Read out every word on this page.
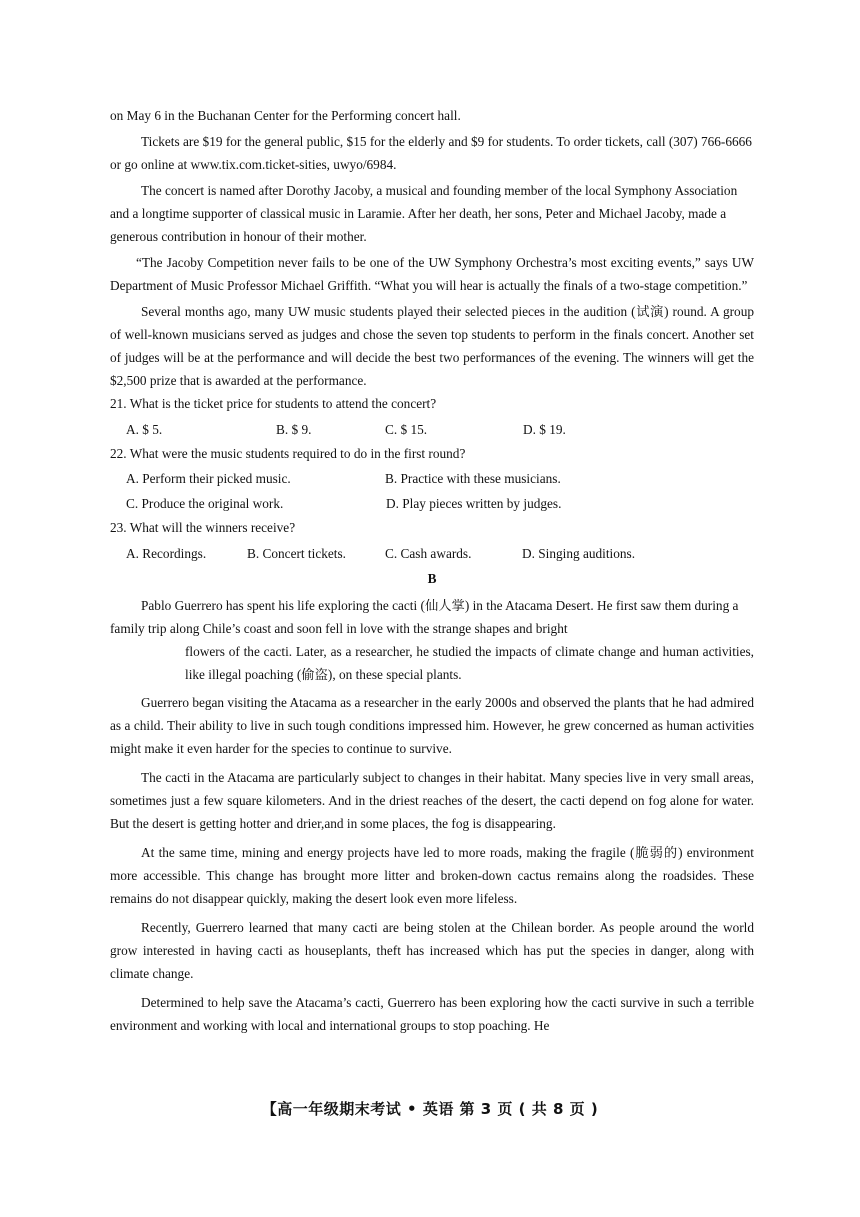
on May 6 in the Buchanan Center for the Performing concert hall.

Tickets are $19 for the general public, $15 for the elderly and $9 for students. To order tickets, call (307) 766-6666 or go online at www.tix.com.ticket-sities, uwyo/6984.

The concert is named after Dorothy Jacoby, a musical and founding member of the local Symphony Association and a longtime supporter of classical music in Laramie. After her death, her sons, Peter and Michael Jacoby, made a generous contribution in honour of their mother.

“The Jacoby Competition never fails to be one of the UW Symphony Orchestra’s most exciting events,” says UW Department of Music Professor Michael Griffith. “What you will hear is actually the finals of a two-stage competition.”

Several months ago, many UW music students played their selected pieces in the audition (试演) round. A group of well-known musicians served as judges and chose the seven top students to perform in the finals concert. Another set of judges will be at the performance and will decide the best two performances of the evening. The winners will get the $2,500 prize that is awarded at the performance.

21. What is the ticket price for students to attend the concert?

A. $ 5.	B. $ 9.	C. $ 15.	D. $ 19.

22. What were the music students required to do in the first round?

A. Perform their picked music.	B. Practice with these musicians.
C. Produce the original work.	D. Play pieces written by judges.

23. What will the winners receive?

A. Recordings.	B. Concert tickets.	C. Cash awards.	D. Singing auditions.

B

Pablo Guerrero has spent his life exploring the cacti (仙人掌) in the Atacama Desert. He first saw them during a family trip along Chile’s coast and soon fell in love with the strange shapes and bright

flowers of the cacti. Later, as a researcher, he studied the impacts of climate change and human activities, like illegal poaching (偷盗), on these special plants.

Guerrero began visiting the Atacama as a researcher in the early 2000s and observed the plants that he had admired as a child. Their ability to live in such tough conditions impressed him. However, he grew concerned as human activities might make it even harder for the species to continue to survive.

The cacti in the Atacama are particularly subject to changes in their habitat. Many species live in very small areas, sometimes just a few square kilometers. And in the driest reaches of the desert, the cacti depend on fog alone for water. But the desert is getting hotter and drier,and in some places, the fog is disappearing.

At the same time, mining and energy projects have led to more roads, making the fragile (脆弱的) environment more accessible. This change has brought more litter and broken-down cactus remains along the roadsides. These remains do not disappear quickly, making the desert look even more lifeless.

Recently, Guerrero learned that many cacti are being stolen at the Chilean border. As people around the world grow interested in having cacti as houseplants, theft has increased which has put the species in danger, along with climate change.

Determined to help save the Atacama’s cacti, Guerrero has been exploring how the cacti survive in such a terrible environment and working with local and international groups to stop poaching. He

【高一年级期末考试 • 英语 第 3 页 ( 共 8 页 )
